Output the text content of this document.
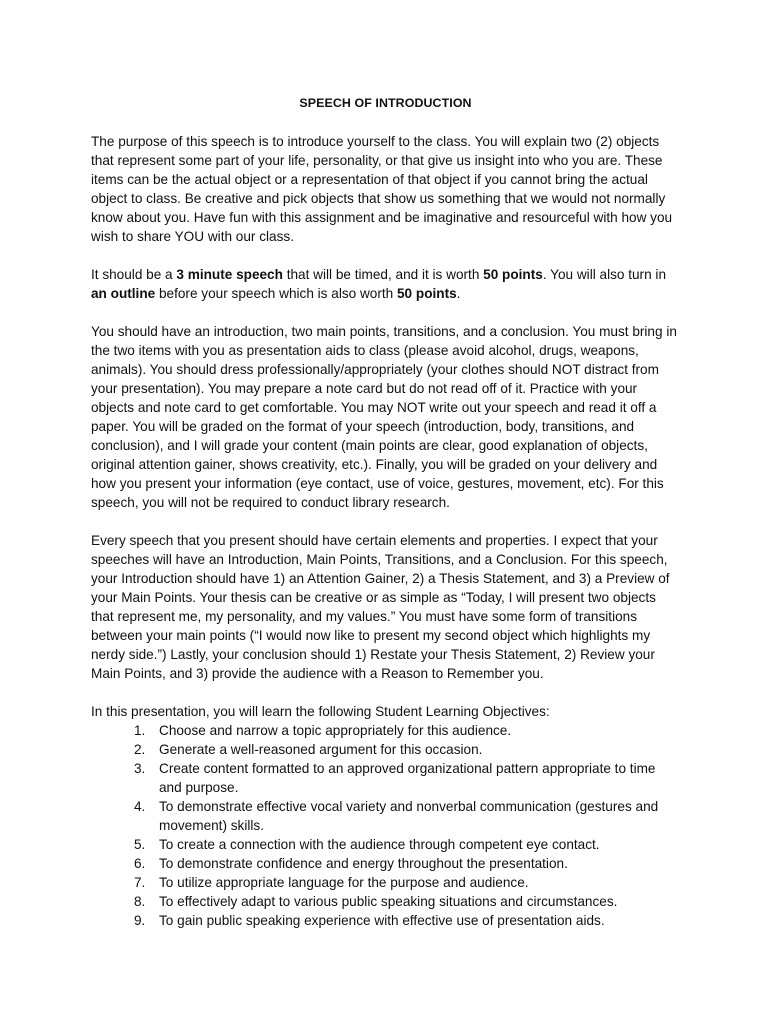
SPEECH OF INTRODUCTION

The purpose of this speech is to introduce yourself to the class. You will explain two (2) objects that represent some part of your life, personality, or that give us insight into who you are. These items can be the actual object or a representation of that object if you cannot bring the actual object to class. Be creative and pick objects that show us something that we would not normally know about you. Have fun with this assignment and be imaginative and resourceful with how you wish to share YOU with our class.

It should be a 3 minute speech that will be timed, and it is worth 50 points. You will also turn in an outline before your speech which is also worth 50 points.

You should have an introduction, two main points, transitions, and a conclusion. You must bring in the two items with you as presentation aids to class (please avoid alcohol, drugs, weapons, animals). You should dress professionally/appropriately (your clothes should NOT distract from your presentation). You may prepare a note card but do not read off of it. Practice with your objects and note card to get comfortable. You may NOT write out your speech and read it off a paper. You will be graded on the format of your speech (introduction, body, transitions, and conclusion), and I will grade your content (main points are clear, good explanation of objects, original attention gainer, shows creativity, etc.). Finally, you will be graded on your delivery and how you present your information (eye contact, use of voice, gestures, movement, etc). For this speech, you will not be required to conduct library research.

Every speech that you present should have certain elements and properties. I expect that your speeches will have an Introduction, Main Points, Transitions, and a Conclusion. For this speech, your Introduction should have 1) an Attention Gainer, 2) a Thesis Statement, and 3) a Preview of your Main Points. Your thesis can be creative or as simple as “Today, I will present two objects that represent me, my personality, and my values.” You must have some form of transitions between your main points (“I would now like to present my second object which highlights my nerdy side.”) Lastly, your conclusion should 1) Restate your Thesis Statement, 2) Review your Main Points, and 3) provide the audience with a Reason to Remember you.

In this presentation, you will learn the following Student Learning Objectives:
1.	Choose and narrow a topic appropriately for this audience.
2.	Generate a well-reasoned argument for this occasion.
3.	Create content formatted to an approved organizational pattern appropriate to time and purpose.
4.	To demonstrate effective vocal variety and nonverbal communication (gestures and movement) skills.
5.	To create a connection with the audience through competent eye contact.
6.	To demonstrate confidence and energy throughout the presentation.
7.	To utilize appropriate language for the purpose and audience.
8.	To effectively adapt to various public speaking situations and circumstances.
9.	To gain public speaking experience with effective use of presentation aids.
